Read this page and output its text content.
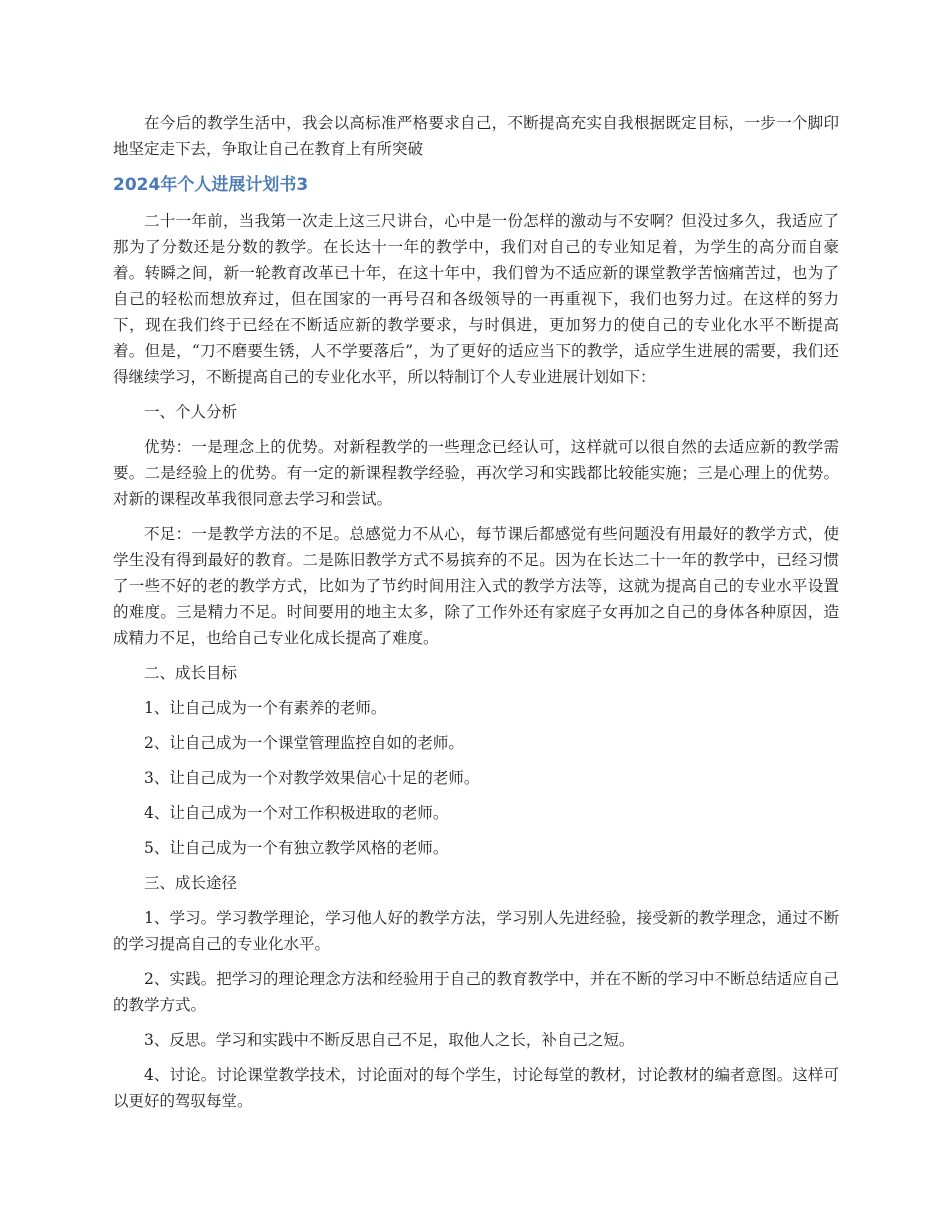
在今后的教学生活中，我会以高标准严格要求自己，不断提高充实自我根据既定目标，一步一个脚印地坚定走下去，争取让自己在教育上有所突破

2024年个人进展计划书3

二十一年前，当我第一次走上这三尺讲台，心中是一份怎样的激动与不安啊？但没过多久，我适应了那为了分数还是分数的教学。在长达十一年的教学中，我们对自己的专业知足着，为学生的高分而自豪着。转瞬之间，新一轮教育改革已十年，在这十年中，我们曾为不适应新的课堂教学苦恼痛苦过，也为了自己的轻松而想放弃过，但在国家的一再号召和各级领导的一再重视下，我们也努力过。在这样的努力下，现在我们终于已经在不断适应新的教学要求，与时俱进，更加努力的使自己的专业化水平不断提高着。但是，“刀不磨要生锈，人不学要落后”，为了更好的适应当下的教学，适应学生进展的需要，我们还得继续学习，不断提高自己的专业化水平，所以特制订个人专业进展计划如下：

一、个人分析

优势：一是理念上的优势。对新程教学的一些理念已经认可，这样就可以很自然的去适应新的教学需要。二是经验上的优势。有一定的新课程教学经验，再次学习和实践都比较能实施；三是心理上的优势。对新的课程改革我很同意去学习和尝试。

不足：一是教学方法的不足。总感觉力不从心，每节课后都感觉有些问题没有用最好的教学方式，使学生没有得到最好的教育。二是陈旧教学方式不易摈弃的不足。因为在长达二十一年的教学中，已经习惯了一些不好的老的教学方式，比如为了节约时间用注入式的教学方法等，这就为提高自己的专业水平设置的难度。三是精力不足。时间要用的地主太多，除了工作外还有家庭子女再加之自己的身体各种原因，造成精力不足，也给自己专业化成长提高了难度。

二、成长目标

1、让自己成为一个有素养的老师。

2、让自己成为一个课堂管理监控自如的老师。

3、让自己成为一个对教学效果信心十足的老师。

4、让自己成为一个对工作积极进取的老师。

5、让自己成为一个有独立教学风格的老师。

三、成长途径

1、学习。学习教学理论，学习他人好的教学方法，学习别人先进经验，接受新的教学理念，通过不断的学习提高自己的专业化水平。

2、实践。把学习的理论理念方法和经验用于自己的教育教学中，并在不断的学习中不断总结适应自己的教学方式。

3、反思。学习和实践中不断反思自己不足，取他人之长，补自己之短。

4、讨论。讨论课堂教学技术，讨论面对的每个学生，讨论每堂的教材，讨论教材的编者意图。这样可以更好的驾驭每堂。
